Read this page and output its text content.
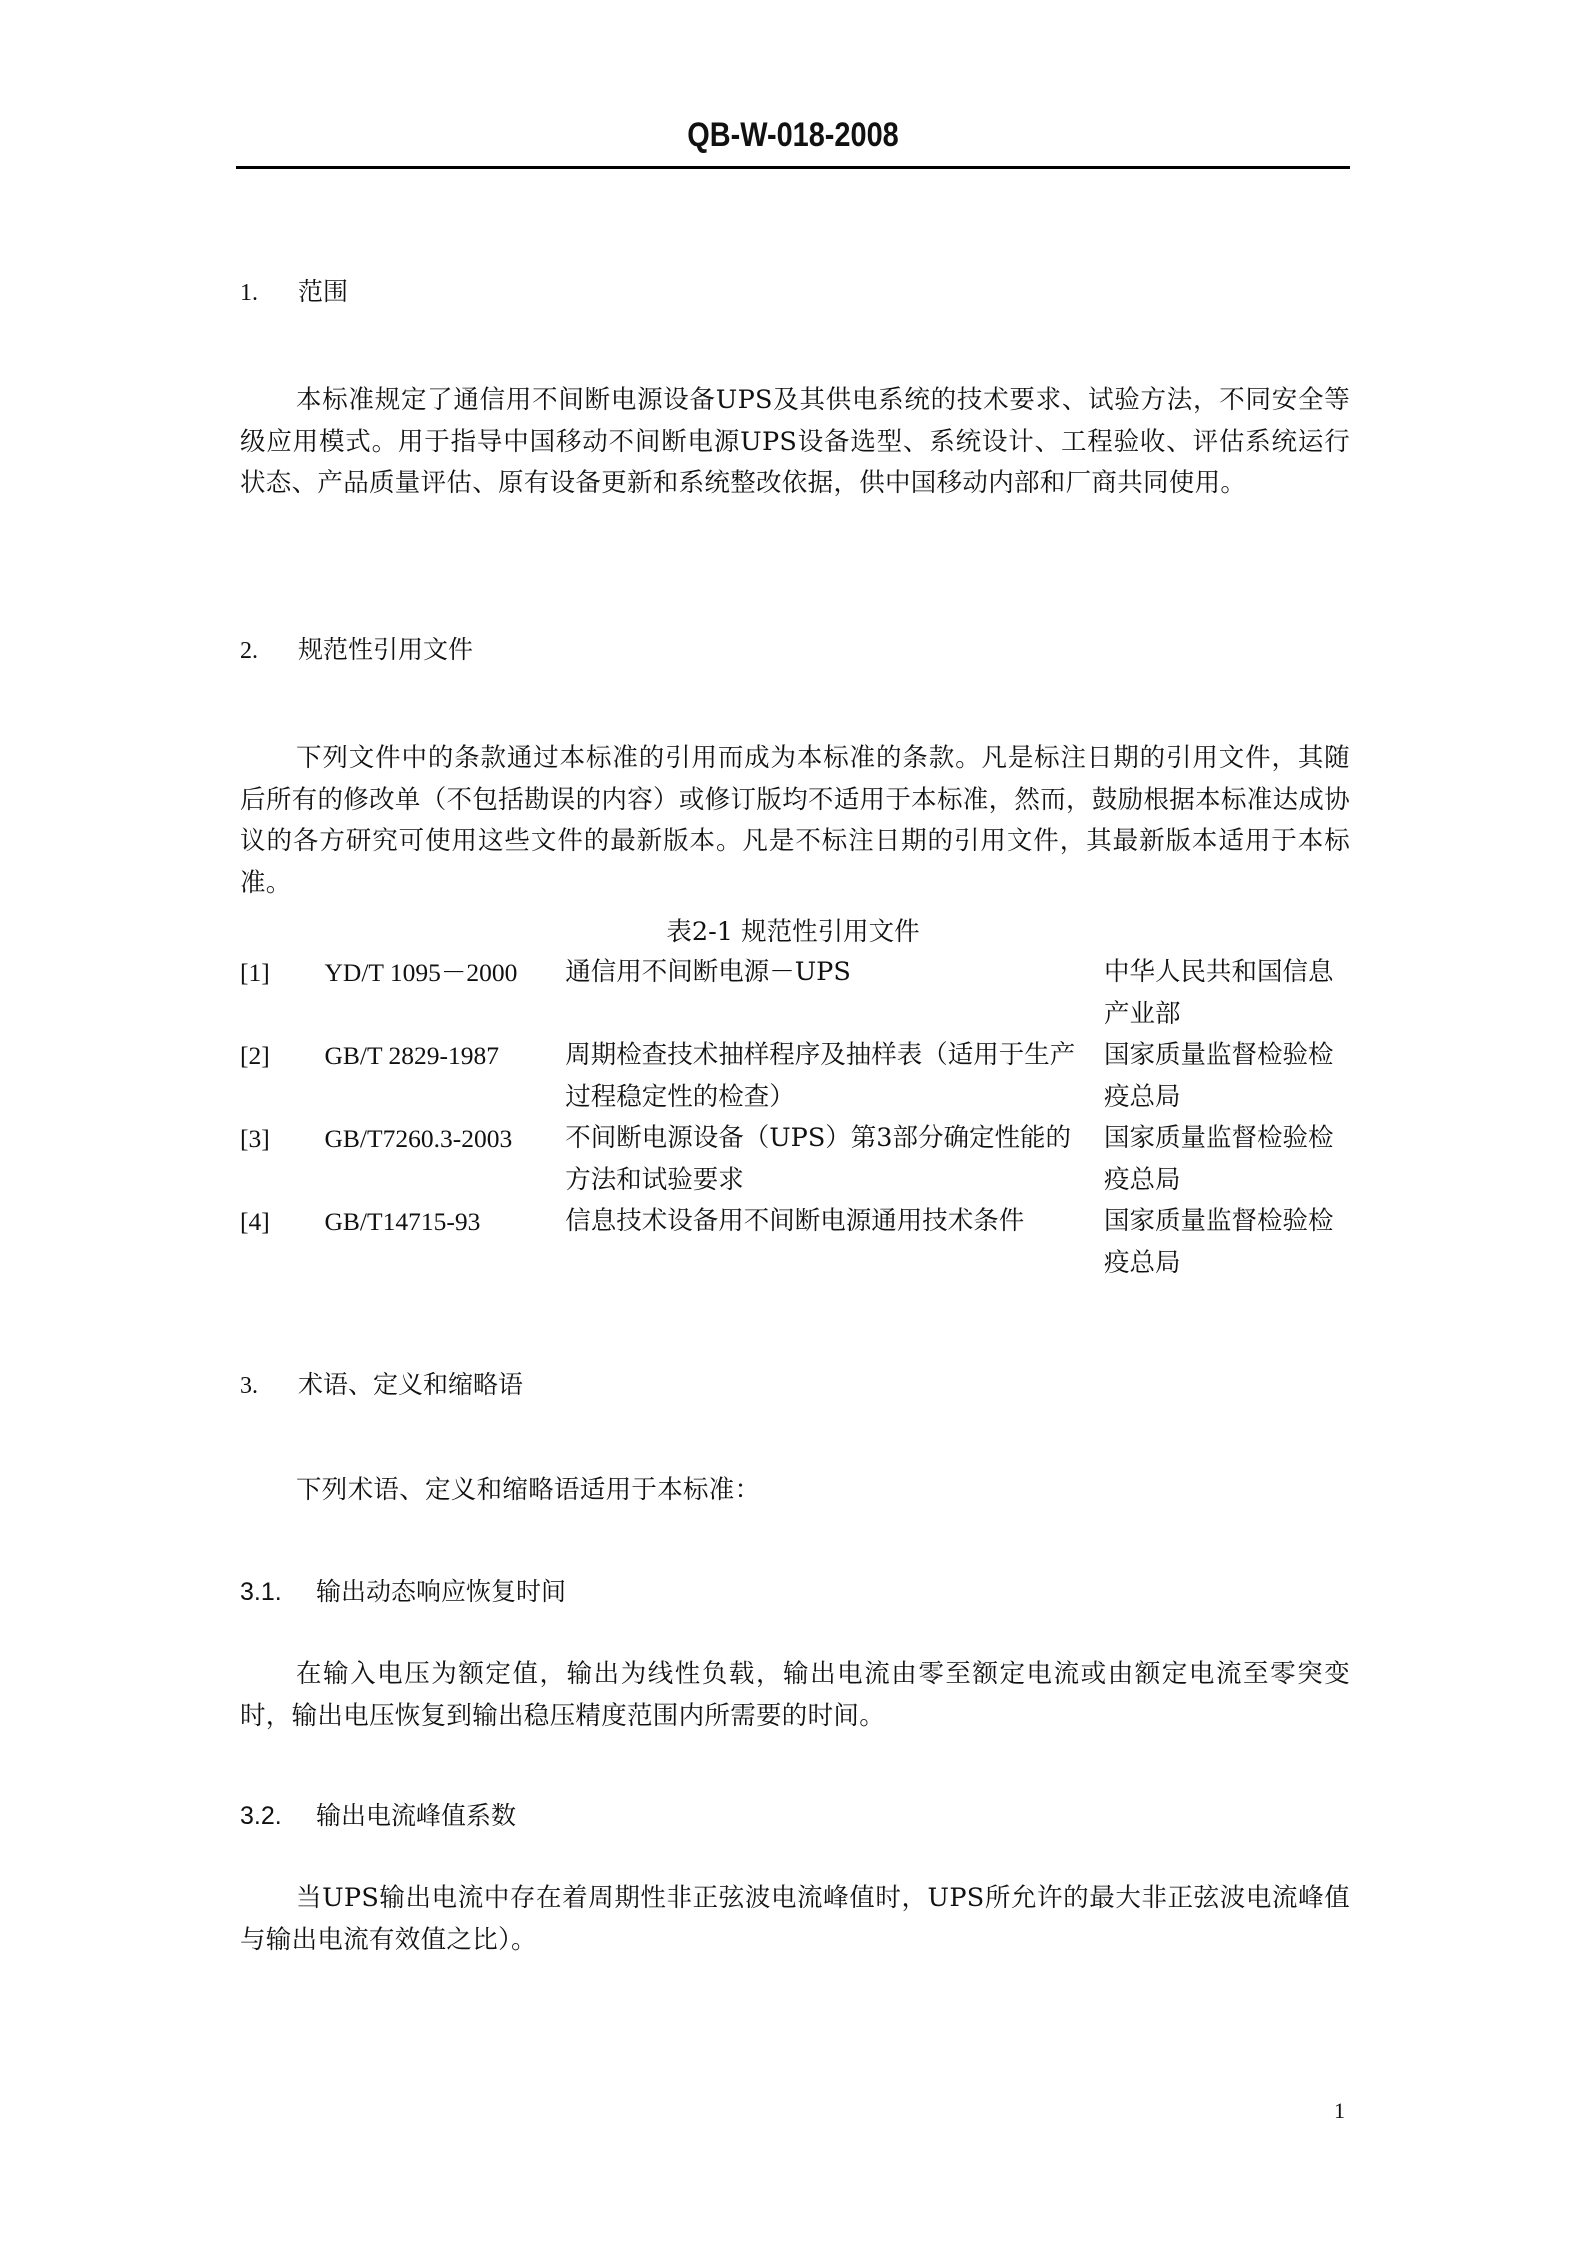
QB-W-018-2008
1.	范围
本标准规定了通信用不间断电源设备UPS及其供电系统的技术要求、试验方法，不同安全等级应用模式。用于指导中国移动不间断电源UPS设备选型、系统设计、工程验收、评估系统运行状态、产品质量评估、原有设备更新和系统整改依据，供中国移动内部和厂商共同使用。
2.	规范性引用文件
下列文件中的条款通过本标准的引用而成为本标准的条款。凡是标注日期的引用文件，其随后所有的修改单（不包括勘误的内容）或修订版均不适用于本标准，然而，鼓励根据本标准达成协议的各方研究可使用这些文件的最新版本。凡是不标注日期的引用文件，其最新版本适用于本标准。
表2-1 规范性引用文件
[1]	YD/T 1095－2000	通信用不间断电源－UPS	中华人民共和国信息产业部
[2]	GB/T 2829-1987	周期检查技术抽样程序及抽样表（适用于生产过程稳定性的检查）	国家质量监督检验检疫总局
[3]	GB/T7260.3-2003	不间断电源设备（UPS）第3部分确定性能的方法和试验要求	国家质量监督检验检疫总局
[4]	GB/T14715-93	信息技术设备用不间断电源通用技术条件	国家质量监督检验检疫总局
3.	术语、定义和缩略语
下列术语、定义和缩略语适用于本标准：
3.1.	输出动态响应恢复时间
在输入电压为额定值，输出为线性负载，输出电流由零至额定电流或由额定电流至零突变时，输出电压恢复到输出稳压精度范围内所需要的时间。
3.2.	输出电流峰值系数
当UPS输出电流中存在着周期性非正弦波电流峰值时，UPS所允许的最大非正弦波电流峰值与输出电流有效值之比）。
1
